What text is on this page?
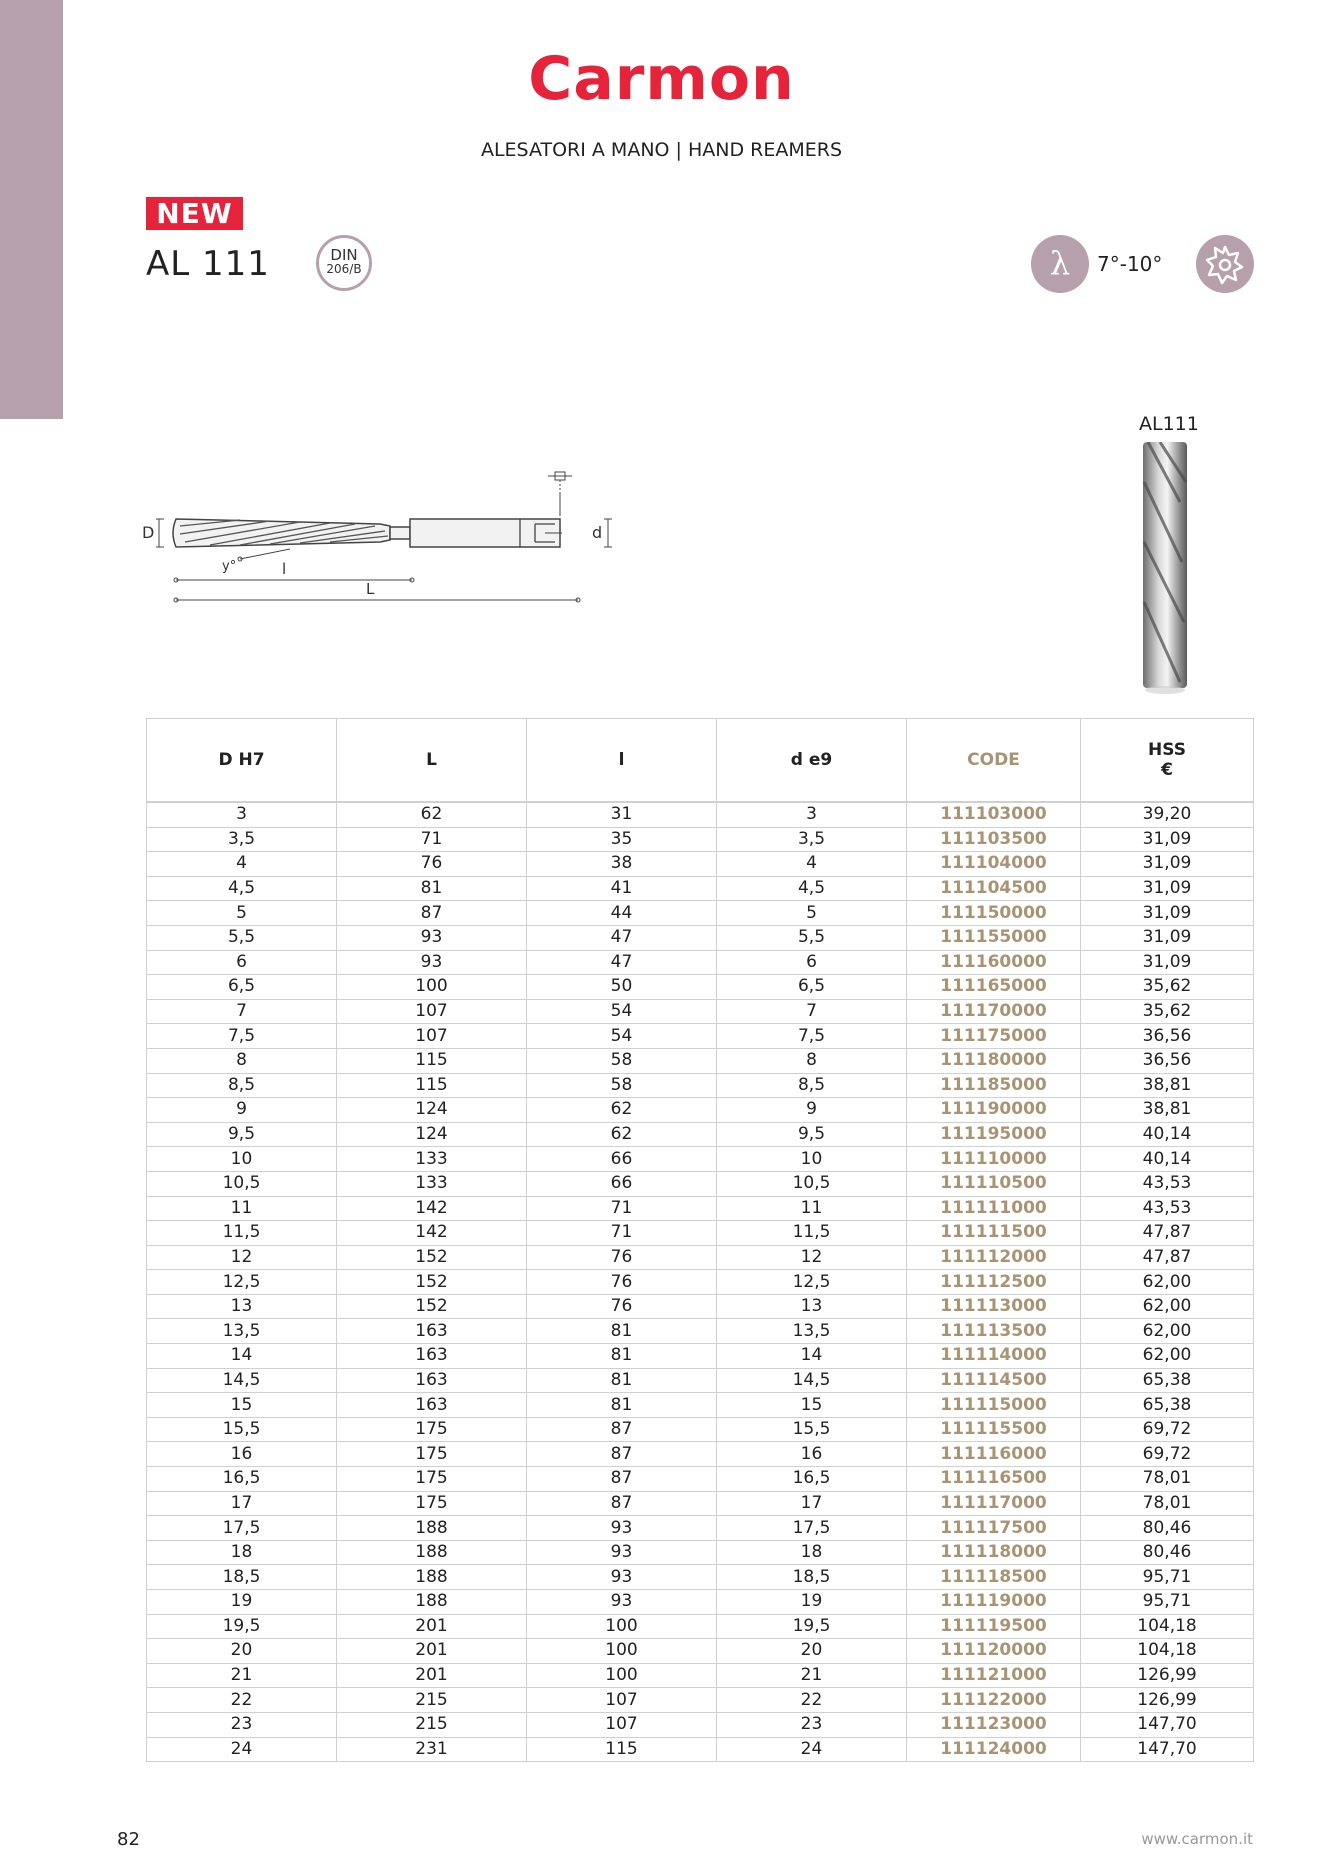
Carmon
ALESATORI A MANO | HAND REAMERS
NEW
AL 111	DIN
206/B	λ	7°-10°
D	d
y°	l
L
AL111
D H7	L	l	d e9	CODE	HSS
€
3	62	31	3	111103000	39,20
3,5	71	35	3,5	111103500	31,09
4	76	38	4	111104000	31,09
4,5	81	41	4,5	111104500	31,09
5	87	44	5	111150000	31,09
5,5	93	47	5,5	111155000	31,09
6	93	47	6	111160000	31,09
6,5	100	50	6,5	111165000	35,62
7	107	54	7	111170000	35,62
7,5	107	54	7,5	111175000	36,56
8	115	58	8	111180000	36,56
8,5	115	58	8,5	111185000	38,81
9	124	62	9	111190000	38,81
9,5	124	62	9,5	111195000	40,14
10	133	66	10	111110000	40,14
10,5	133	66	10,5	111110500	43,53
11	142	71	11	111111000	43,53
11,5	142	71	11,5	111111500	47,87
12	152	76	12	111112000	47,87
12,5	152	76	12,5	111112500	62,00
13	152	76	13	111113000	62,00
13,5	163	81	13,5	111113500	62,00
14	163	81	14	111114000	62,00
14,5	163	81	14,5	111114500	65,38
15	163	81	15	111115000	65,38
15,5	175	87	15,5	111115500	69,72
16	175	87	16	111116000	69,72
16,5	175	87	16,5	111116500	78,01
17	175	87	17	111117000	78,01
17,5	188	93	17,5	111117500	80,46
18	188	93	18	111118000	80,46
18,5	188	93	18,5	111118500	95,71
19	188	93	19	111119000	95,71
19,5	201	100	19,5	111119500	104,18
20	201	100	20	111120000	104,18
21	201	100	21	111121000	126,99
22	215	107	22	111122000	126,99
23	215	107	23	111123000	147,70
24	231	115	24	111124000	147,70
82	www.carmon.it
